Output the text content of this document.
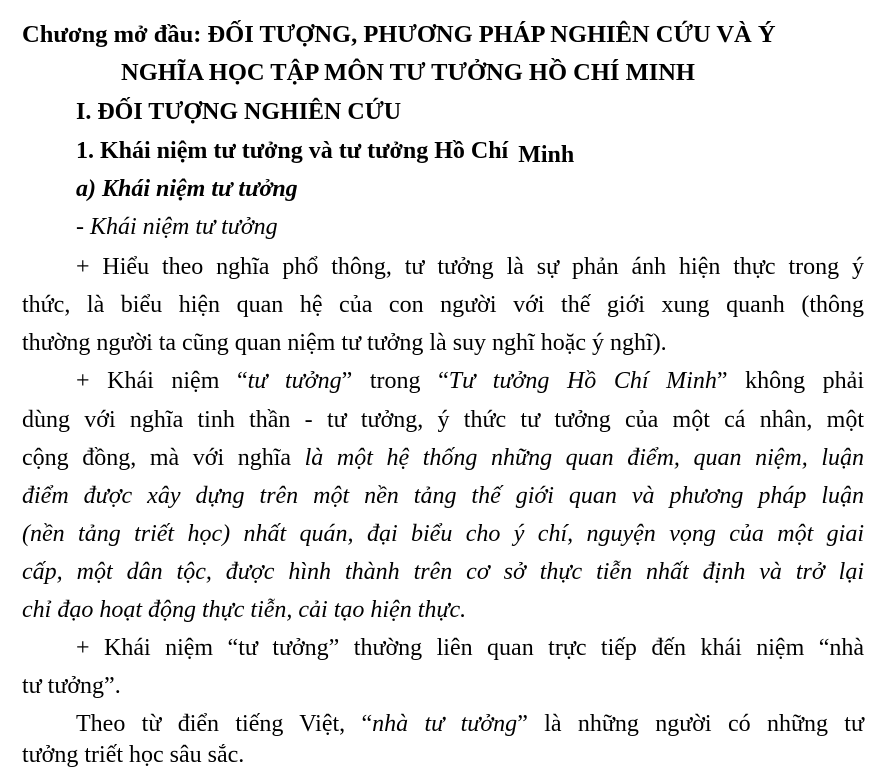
Chương mở đầu: ĐỐI TƯỢNG, PHƯƠNG PHÁP NGHIÊN CỨU VÀ Ý
NGHĨA HỌC TẬP MÔN TƯ TƯỞNG HỒ CHÍ MINH
I. ĐỐI TƯỢNG NGHIÊN CỨU
1. Khái niệm tư tưởng và tư tưởng Hồ Chí Minh
a) Khái niệm tư tưởng
- Khái niệm tư tưởng
+ Hiểu theo nghĩa phổ thông, tư tưởng là sự phản ánh hiện thực trong ý
thức, là biểu hiện quan hệ của con người với thế giới xung quanh (thông
thường người ta cũng quan niệm tư tưởng là suy nghĩ hoặc ý nghĩ).
+ Khái niệm “tư tưởng” trong “Tư tưởng Hồ Chí Minh” không phải
dùng với nghĩa tinh thần - tư tưởng, ý thức tư tưởng của một cá nhân, một
cộng đồng, mà với nghĩa là một hệ thống những quan điểm, quan niệm, luận
điểm được xây dựng trên một nền tảng thế giới quan và phương pháp luận
(nền tảng triết học) nhất quán, đại biểu cho ý chí, nguyện vọng của một giai
cấp, một dân tộc, được hình thành trên cơ sở thực tiễn nhất định và trở lại
chỉ đạo hoạt động thực tiễn, cải tạo hiện thực.
+ Khái niệm “tư tưởng” thường liên quan trực tiếp đến khái niệm “nhà
tư tưởng”.
Theo từ điển tiếng Việt, “nhà tư tưởng” là những người có những tư
tưởng triết học sâu sắc.
